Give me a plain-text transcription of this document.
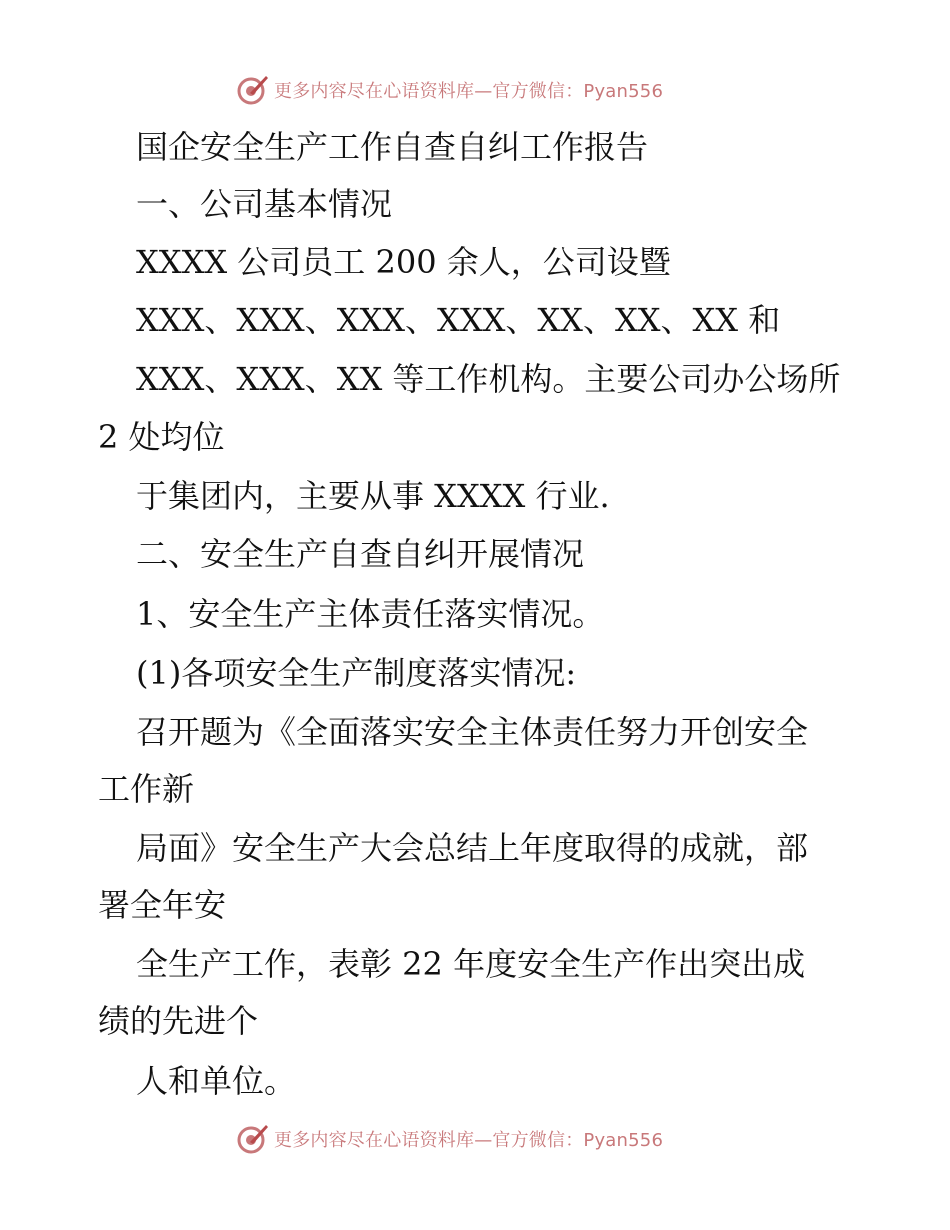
更多内容尽在心语资料库—官方微信：Pyan556
国企安全生产工作自查自纠工作报告
一、公司基本情况
XXXX 公司员工 200 余人，公司设暨
XXX、XXX、XXX、XXX、XX、XX、XX 和
XXX、XXX、XX 等工作机构。主要公司办公场所
2 处均位
于集团内，主要从事 XXXX 行业.
二、安全生产自查自纠开展情况
1、安全生产主体责任落实情况。
(1)各项安全生产制度落实情况:
召开题为《全面落实安全主体责任努力开创安全
工作新
局面》安全生产大会总结上年度取得的成就，部
署全年安
全生产工作，表彰 22 年度安全生产作出突出成
绩的先进个
人和单位。
更多内容尽在心语资料库—官方微信：Pyan556
